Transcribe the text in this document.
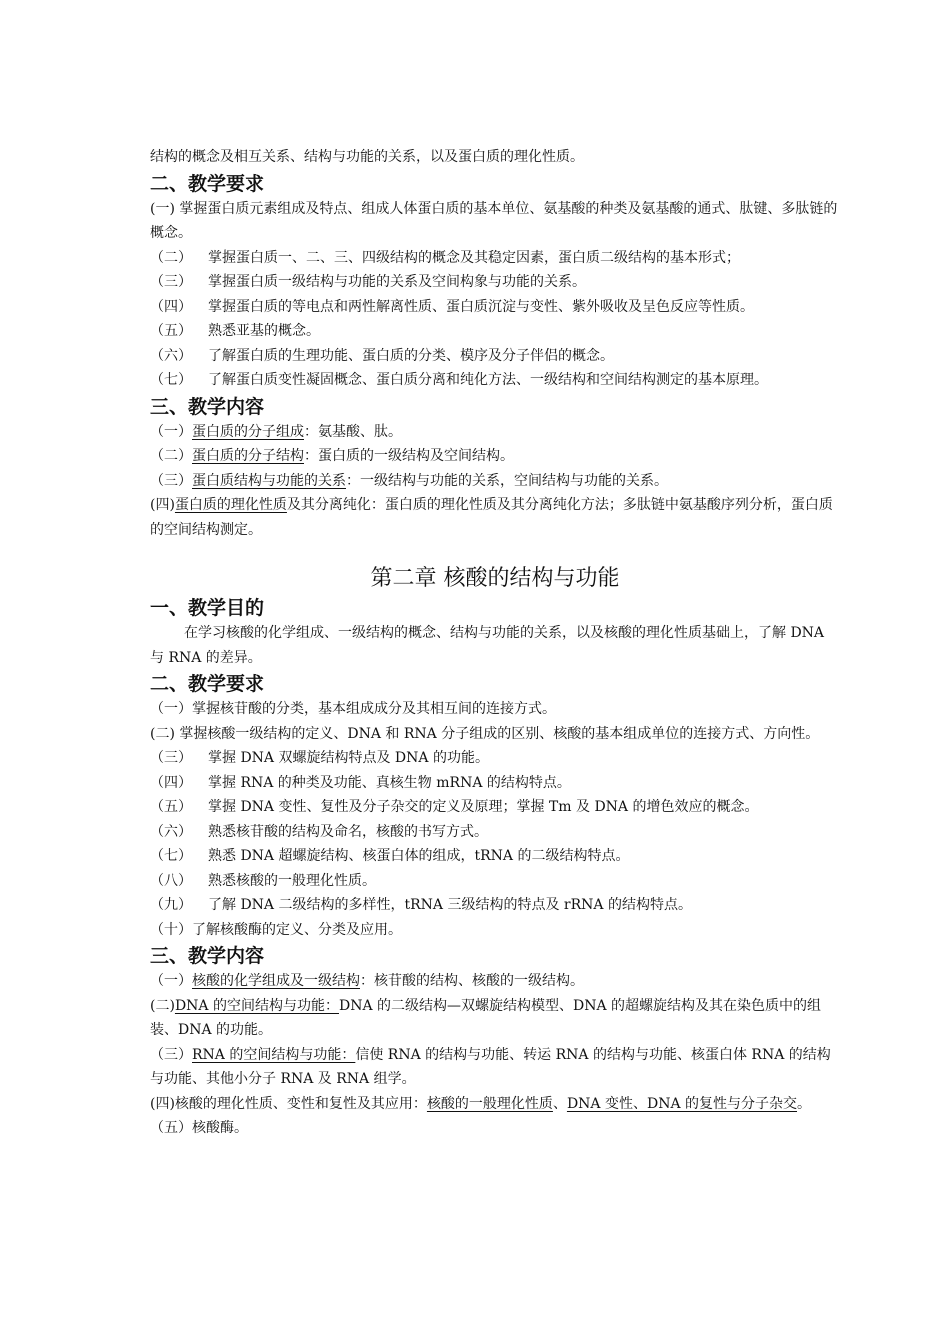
结构的概念及相互关系、结构与功能的关系，以及蛋白质的理化性质。

二、教学要求

(一) 掌握蛋白质元素组成及特点、组成人体蛋白质的基本单位、氨基酸的种类及氨基酸的通式、肽键、多肽链的概念。

（二）	掌握蛋白质一、二、三、四级结构的概念及其稳定因素，蛋白质二级结构的基本形式；
（三）	掌握蛋白质一级结构与功能的关系及空间构象与功能的关系。
（四）	掌握蛋白质的等电点和两性解离性质、蛋白质沉淀与变性、紫外吸收及呈色反应等性质。
（五）	熟悉亚基的概念。
（六）	了解蛋白质的生理功能、蛋白质的分类、模序及分子伴侣的概念。
（七）	了解蛋白质变性凝固概念、蛋白质分离和纯化方法、一级结构和空间结构测定的基本原理。

三、教学内容

（一）蛋白质的分子组成：氨基酸、肽。

（二）蛋白质的分子结构：蛋白质的一级结构及空间结构。

（三）蛋白质结构与功能的关系：一级结构与功能的关系，空间结构与功能的关系。

(四)蛋白质的理化性质及其分离纯化：蛋白质的理化性质及其分离纯化方法；多肽链中氨基酸序列分析，蛋白质的空间结构测定。

第二章 核酸的结构与功能

一、教学目的

在学习核酸的化学组成、一级结构的概念、结构与功能的关系，以及核酸的理化性质基础上，了解 DNA 与 RNA 的差异。

二、教学要求

（一）掌握核苷酸的分类，基本组成成分及其相互间的连接方式。

(二) 掌握核酸一级结构的定义、DNA 和 RNA 分子组成的区别、核酸的基本组成单位的连接方式、方向性。

（三）	掌握 DNA 双螺旋结构特点及 DNA 的功能。
（四）	掌握 RNA 的种类及功能、真核生物 mRNA 的结构特点。
（五）	掌握 DNA 变性、复性及分子杂交的定义及原理；掌握 Tm 及 DNA 的增色效应的概念。
（六）	熟悉核苷酸的结构及命名，核酸的书写方式。
（七）	熟悉 DNA 超螺旋结构、核蛋白体的组成，tRNA 的二级结构特点。
（八）	熟悉核酸的一般理化性质。
（九）	了解 DNA 二级结构的多样性，tRNA 三级结构的特点及 rRNA 的结构特点。

（十）了解核酸酶的定义、分类及应用。

三、教学内容

（一）核酸的化学组成及一级结构：核苷酸的结构、核酸的一级结构。

(二)DNA 的空间结构与功能：DNA 的二级结构—双螺旋结构模型、DNA 的超螺旋结构及其在染色质中的组装、DNA 的功能。

（三）RNA 的空间结构与功能：信使 RNA 的结构与功能、转运 RNA 的结构与功能、核蛋白体 RNA 的结构与功能、其他小分子 RNA 及 RNA 组学。

(四)核酸的理化性质、变性和复性及其应用：核酸的一般理化性质、DNA 变性、DNA 的复性与分子杂交。

（五）核酸酶。
